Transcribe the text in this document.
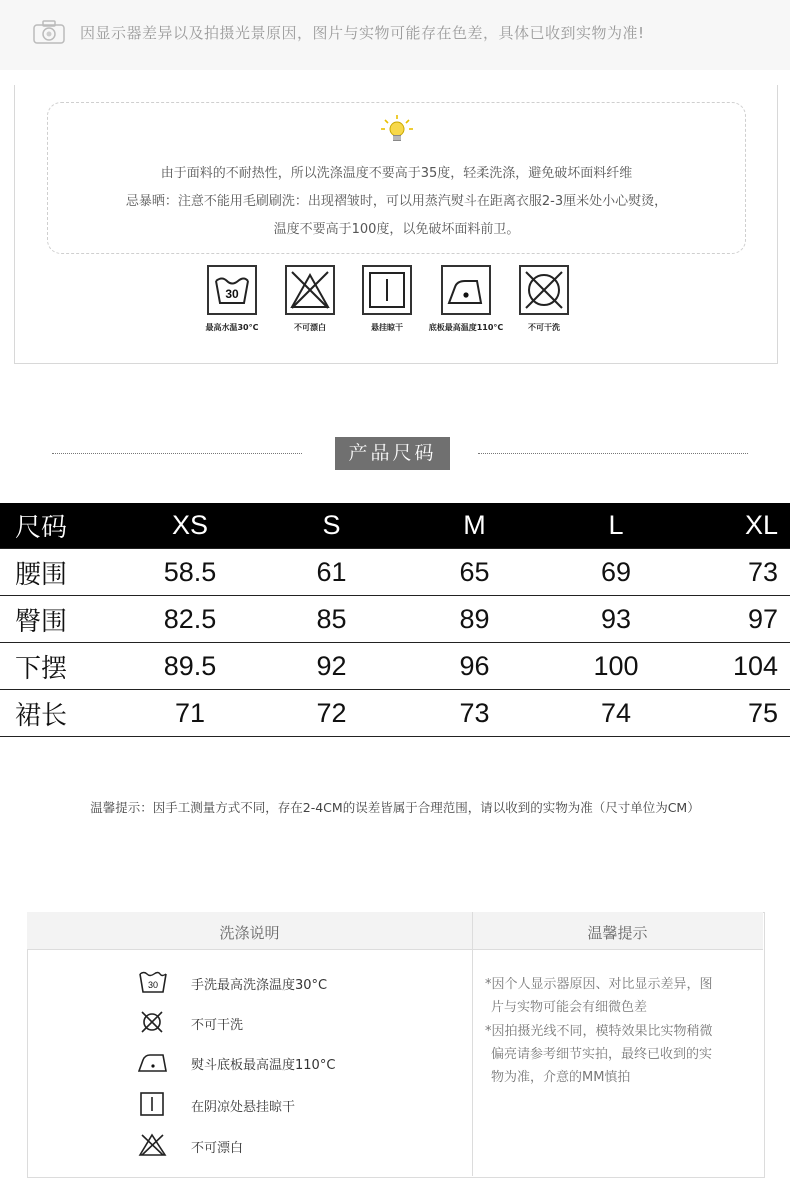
因显示器差异以及拍摄光景原因，图片与实物可能存在色差，具体已收到实物为准!
由于面料的不耐热性，所以洗涤温度不要高于35度，轻柔洗涤，避免破坏面料纤维
忌暴晒：注意不能用毛刷刷洗：出现褶皱时，可以用蒸汽熨斗在距离衣服2-3厘米处小心熨烫，
温度不要高于100度，以免破坏面料前卫。
30
最高水温30°C	不可漂白	悬挂晾干	底板最高温度110°C	不可干洗
产品尺码
尺码	XS	S	M	L	XL
腰围	58.5	61	65	69	73
臀围	82.5	85	89	93	97
下摆	89.5	92	96	100	104
裙长	71	72	73	74	75
温馨提示：因手工测量方式不同，存在2-4CM的误差皆属于合理范围，请以收到的实物为准（尺寸单位为CM）
洗涤说明	温馨提示
30	手洗最高洗涤温度30°C
不可干洗
熨斗底板最高温度110°C
在阴凉处悬挂晾干
不可漂白
*因个人显示器原因、对比显示差异，图
片与实物可能会有细微色差
*因拍摄光线不同，模特效果比实物稍微
偏亮请参考细节实拍，最终已收到的实
物为准，介意的MM慎拍
